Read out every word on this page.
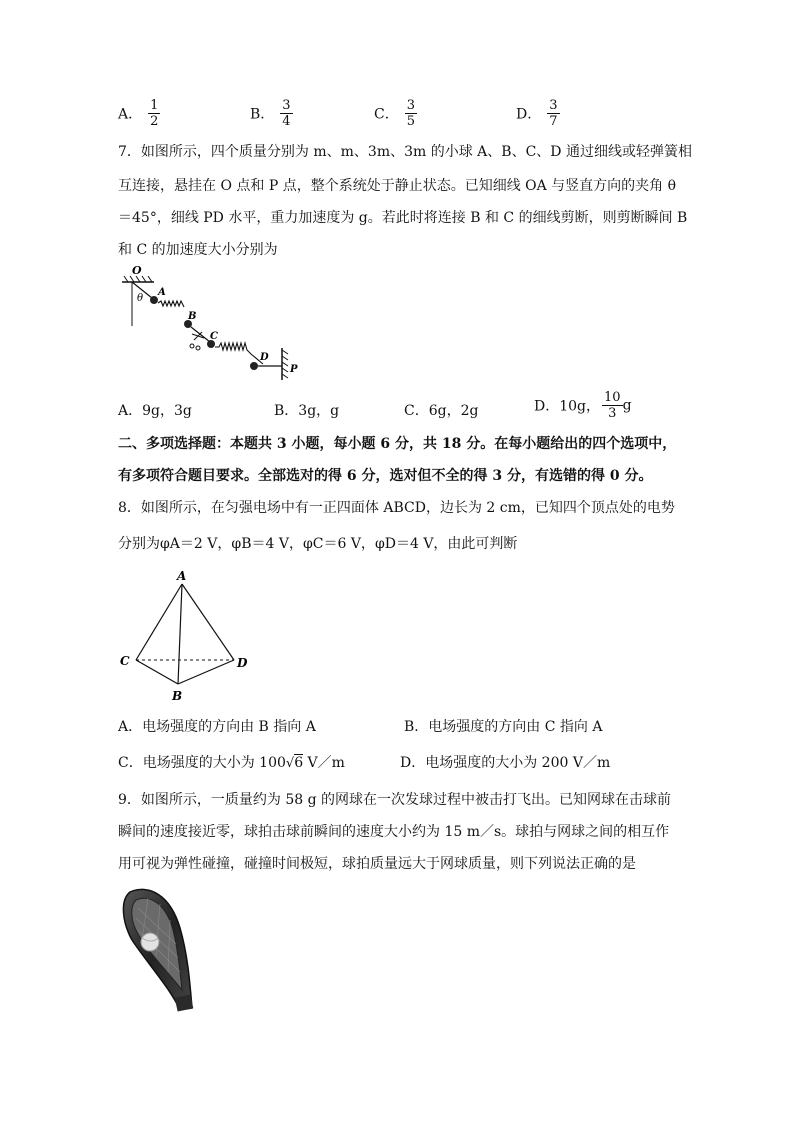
A． $\frac{1}{2}$	B． $\frac{3}{4}$	C． $\frac{3}{5}$	D． $\frac{3}{7}$
7．如图所示，四个质量分别为 m、m、3m、3m 的小球 A、B、C、D 通过细线或轻弹簧相
互连接，悬挂在 O 点和 P 点，整个系统处于静止状态。已知细线 OA 与竖直方向的夹角 θ
＝45°，细线 PD 水平，重力加速度为 g。若此时将连接 B 和 C 的细线剪断，则剪断瞬间 B
和 C 的加速度大小分别为
O
θ
A
B
C
D
P
A．9g，3g	B．3g，g	C．6g，2g	D．10g， $\frac{10}{3}$ g
二、多项选择题：本题共 3 小题，每小题 6 分，共 18 分。在每小题给出的四个选项中，
有多项符合题目要求。全部选对的得 6 分，选对但不全的得 3 分，有选错的得 0 分。
8．如图所示，在匀强电场中有一正四面体 ABCD，边长为 2 cm，已知四个顶点处的电势
分别为φA＝2 V，φB＝4 V，φC＝6 V，φD＝4 V，由此可判断
A
C	D
B
A．电场强度的方向由 B 指向 A	B．电场强度的方向由 C 指向 A
C．电场强度的大小为 100√6 V／m	D．电场强度的大小为 200 V／m
9．如图所示，一质量约为 58 g 的网球在一次发球过程中被击打飞出。已知网球在击球前
瞬间的速度接近零，球拍击球前瞬间的速度大小约为 15 m／s。球拍与网球之间的相互作
用可视为弹性碰撞，碰撞时间极短，球拍质量远大于网球质量，则下列说法正确的是
